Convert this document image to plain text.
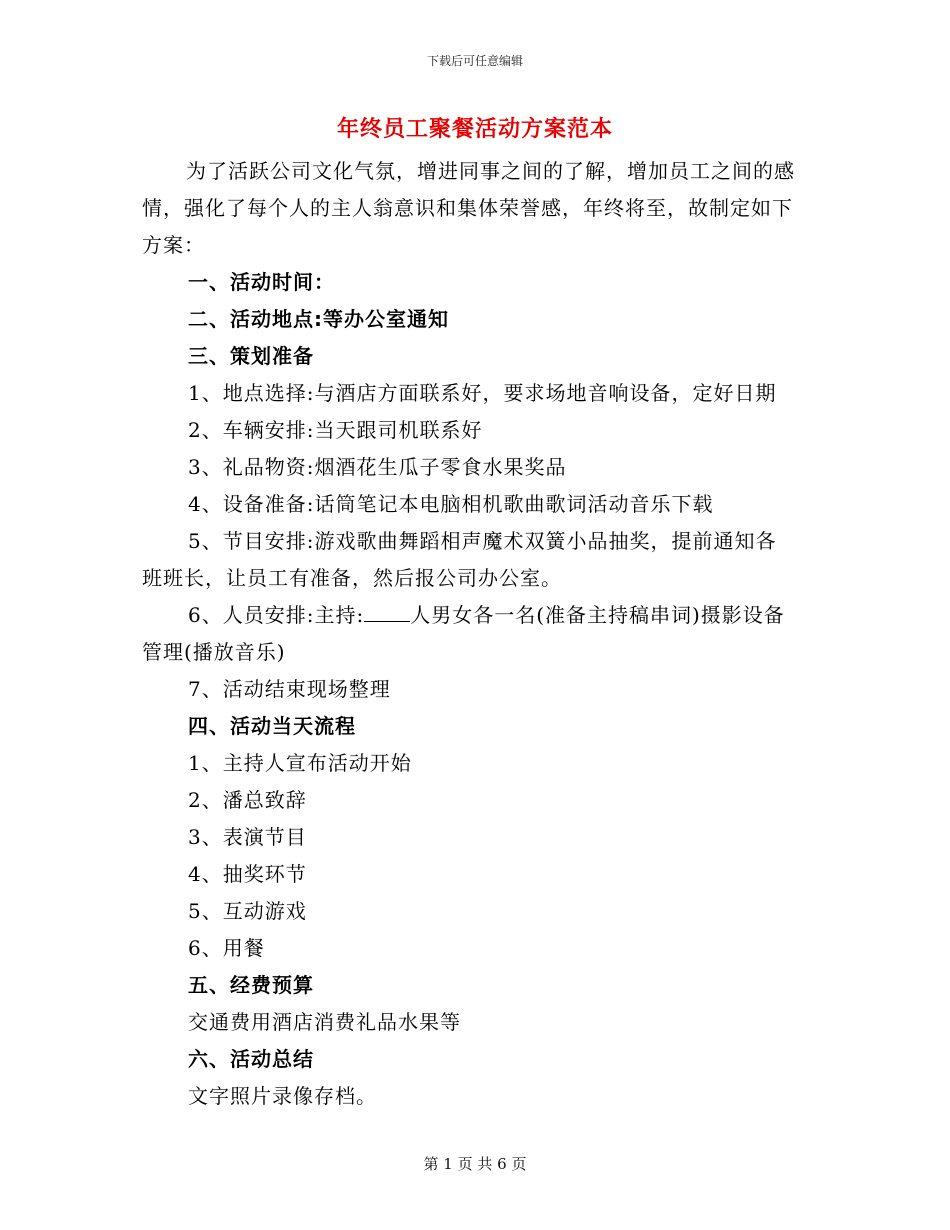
下载后可任意编辑
年终员工聚餐活动方案范本
为了活跃公司文化气氛，增进同事之间的了解，增加员工之间的感情，强化了每个人的主人翁意识和集体荣誉感，年终将至，故制定如下方案：
一、活动时间：
二、活动地点:等办公室通知
三、策划准备
1、地点选择:与酒店方面联系好，要求场地音响设备，定好日期
2、车辆安排:当天跟司机联系好
3、礼品物资:烟酒花生瓜子零食水果奖品
4、设备准备:话筒笔记本电脑相机歌曲歌词活动音乐下载
5、节目安排:游戏歌曲舞蹈相声魔术双簧小品抽奖，提前通知各
班班长，让员工有准备，然后报公司办公室。
6、人员安排:主持: 人男女各一名(准备主持稿串词)摄影设备
管理(播放音乐)
7、活动结束现场整理
四、活动当天流程
1、主持人宣布活动开始
2、潘总致辞
3、表演节目
4、抽奖环节
5、互动游戏
6、用餐
五、经费预算
交通费用酒店消费礼品水果等
六、活动总结
文字照片录像存档。
第 1 页 共 6 页
